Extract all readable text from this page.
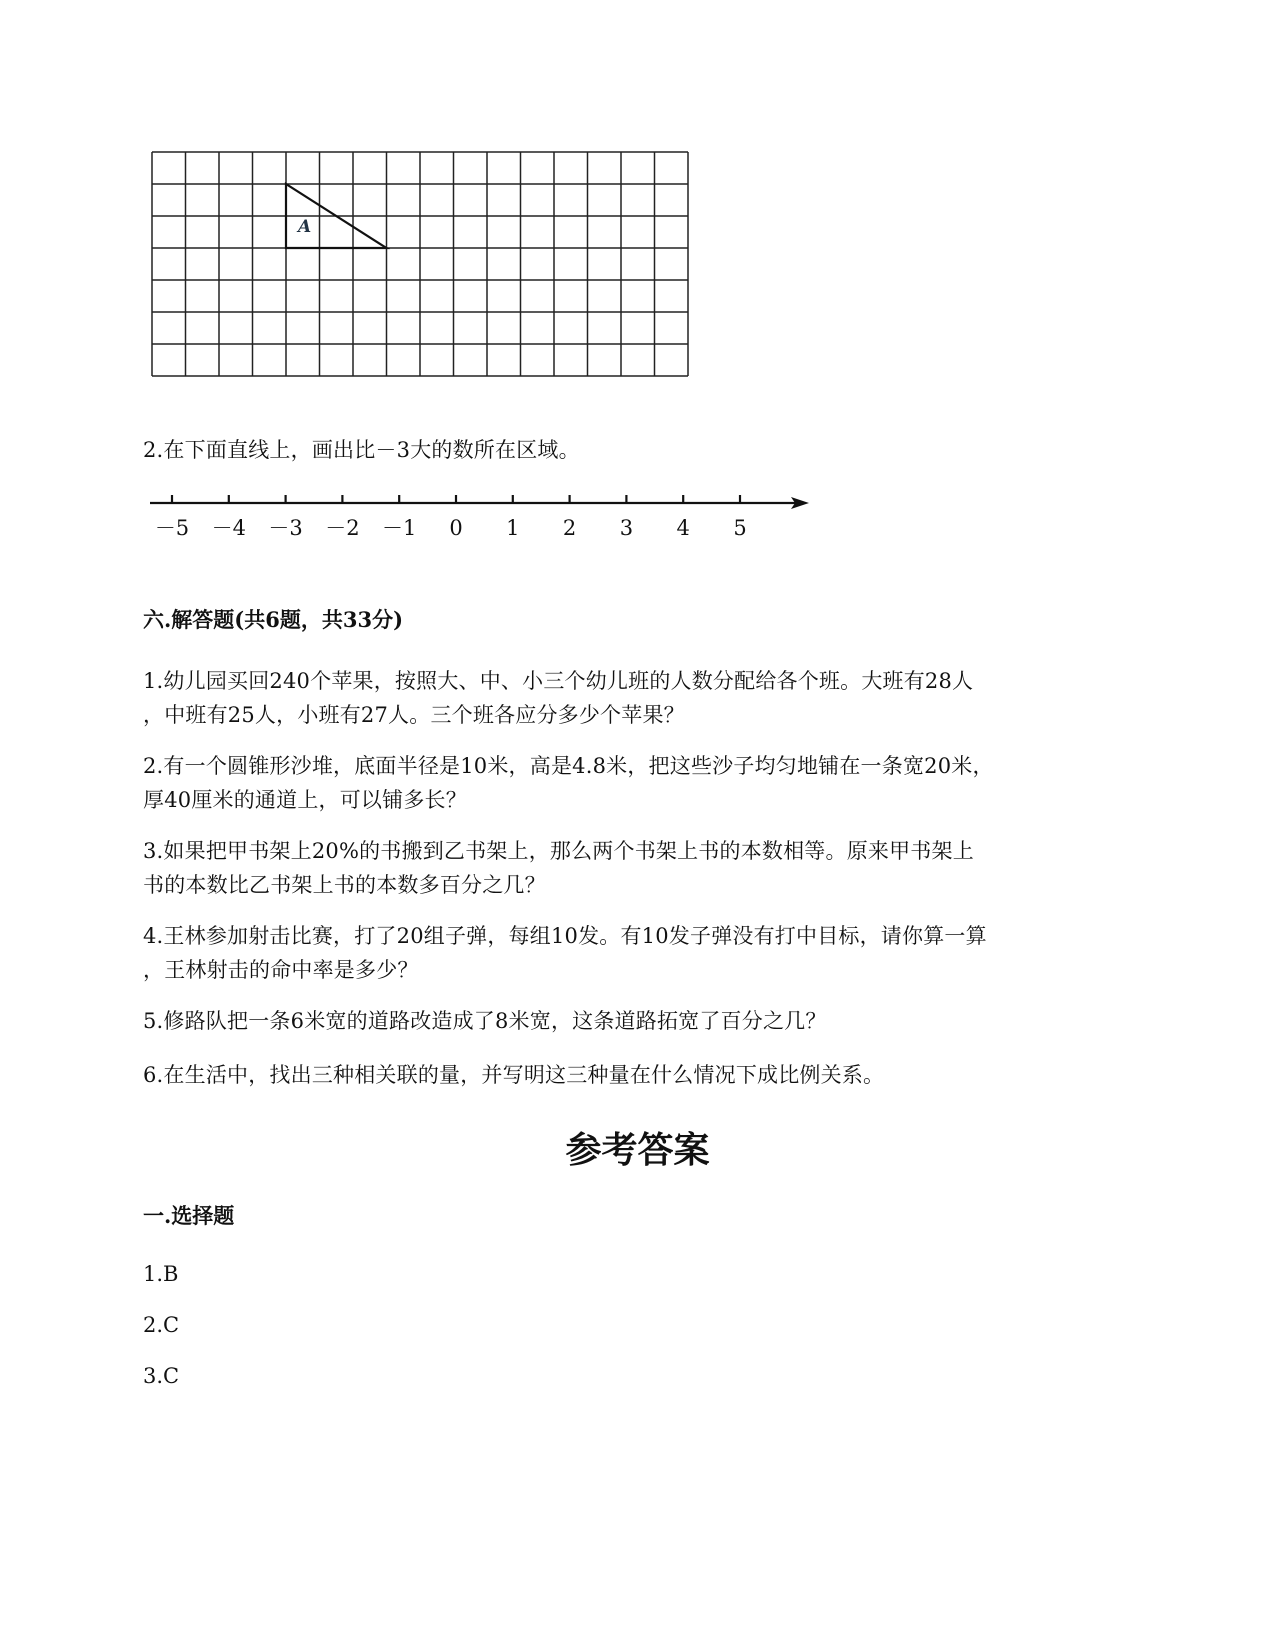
A
2.在下面直线上，画出比－3大的数所在区域。
－5 －4 －3 －2 －1 0 1 2 3 4 5
六.解答题(共6题，共33分)
1.幼儿园买回240个苹果，按照大、中、小三个幼儿班的人数分配给各个班。大班有28人
，中班有25人，小班有27人。三个班各应分多少个苹果？
2.有一个圆锥形沙堆，底面半径是10米，高是4.8米，把这些沙子均匀地铺在一条宽20米，
厚40厘米的通道上，可以铺多长？
3.如果把甲书架上20%的书搬到乙书架上，那么两个书架上书的本数相等。原来甲书架上
书的本数比乙书架上书的本数多百分之几？
4.王林参加射击比赛，打了20组子弹，每组10发。有10发子弹没有打中目标，请你算一算
，王林射击的命中率是多少？
5.修路队把一条6米宽的道路改造成了8米宽，这条道路拓宽了百分之几？
6.在生活中，找出三种相关联的量，并写明这三种量在什么情况下成比例关系。
参考答案
一.选择题
1.B
2.C
3.C
